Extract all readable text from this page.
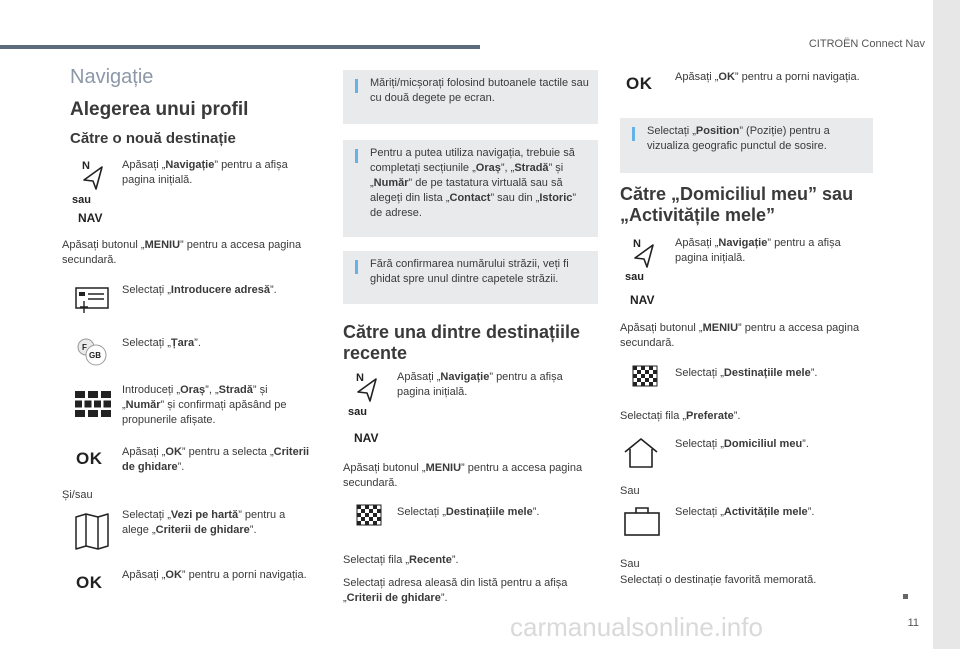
CITROËN Connect Nav
11
carmanualsonline.info
Navigație
Alegerea unui profil
Către o nouă destinație
N
sau
NAV
Apăsați „Navigație” pentru a afișa pagina inițială.
Apăsați butonul „MENIU” pentru a accesa pagina secundară.
Selectați „Introducere adresă”.
F
GB
Selectați „Țara”.
Introduceți „Oraș”, „Stradă” și „Număr” și confirmați apăsând pe propunerile afișate.
OK Apăsați „OK” pentru a selecta „Criterii de ghidare”.
Și/sau
Selectați „Vezi pe hartă” pentru a alege „Criterii de ghidare”.
OK Apăsați „OK” pentru a porni navigația.
Măriți/micșorați folosind butoanele tactile sau cu două degete pe ecran.
Pentru a putea utiliza navigația, trebuie să completați secțiunile „Oraș”, „Stradă” și „Număr” de pe tastatura virtuală sau să alegeți din lista „Contact” sau din „Istoric” de adrese.
Fără confirmarea numărului străzii, veți fi ghidat spre unul dintre capetele străzii.
Către una dintre destinațiile recente
N
sau
NAV
Apăsați „Navigație” pentru a afișa pagina inițială.
Apăsați butonul „MENIU” pentru a accesa pagina secundară.
Selectați „Destinațiile mele”.
Selectați fila „Recente”.
Selectați adresa aleasă din listă pentru a afișa „Criterii de ghidare”.
OK Apăsați „OK” pentru a porni navigația.
Selectați „Position” (Poziție) pentru a vizualiza geografic punctul de sosire.
Către „Domiciliul meu” sau „Activitățile mele”
N
sau
NAV
Apăsați „Navigație” pentru a afișa pagina inițială.
Apăsați butonul „MENIU” pentru a accesa pagina secundară.
Selectați „Destinațiile mele”.
Selectați fila „Preferate”.
Selectați „Domiciliul meu”.
Sau
Selectați „Activitățile mele”.
Sau
Selectați o destinație favorită memorată.
